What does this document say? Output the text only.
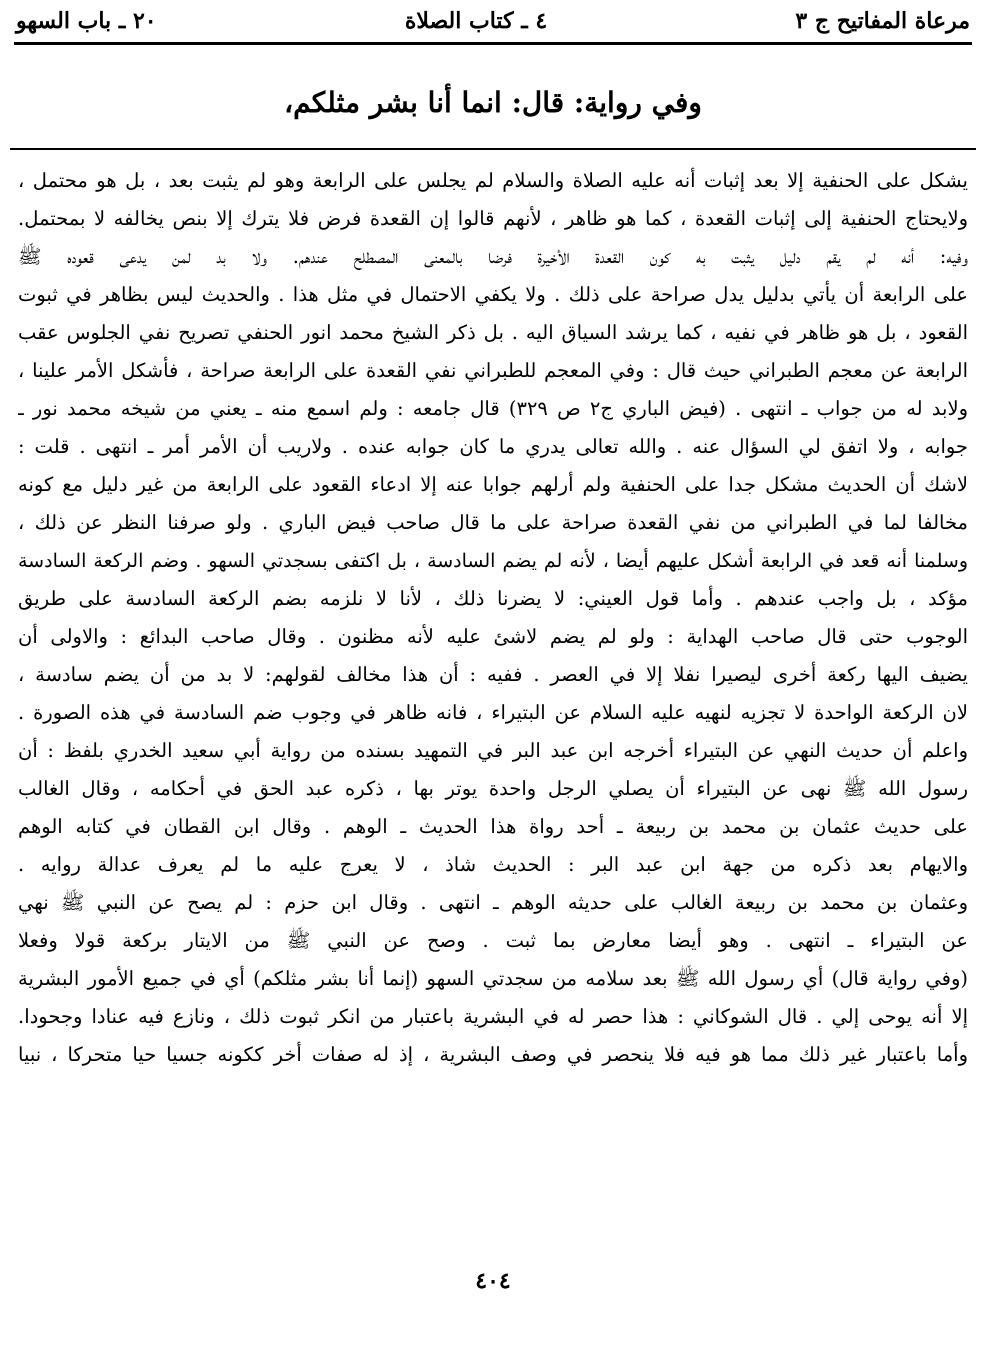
مرعاة المفاتيح ج ٣
٤ ـ كتاب الصلاة
٢٠ ـ باب السهو
وفي رواية: قال: انما أنا بشر مثلكم،
يشكل على الحنفية إلا بعد إثبات أنه عليه الصلاة والسلام لم يجلس على الرابعة وهو لم يثبت بعد ، بل هو محتمل ،
ولايحتاج الحنفية إلى إثبات القعدة ، كما هو ظاهر ، لأنهم قالوا إن القعدة فرض فلا يترك إلا بنص يخالفه لا بمحتمل.
وفيه: أنه لم يقم دليل يثبت به كون القعدة الأخيرة فرضا بالمعنى المصطلح عندهم. ولا بد لمن يدعى قعوده ﷺ
على الرابعة أن يأتي بدليل يدل صراحة على ذلك . ولا يكفي الاحتمال في مثل هذا . والحديث ليس بظاهر في ثبوت
القعود ، بل هو ظاهر في نفيه ، كما يرشد السياق اليه . بل ذكر الشيخ محمد انور الحنفي تصريح نفي الجلوس عقب
الرابعة عن معجم الطبراني حيث قال : وفي المعجم للطبراني نفي القعدة على الرابعة صراحة ، فأشكل الأمر علينا ،
ولابد له من جواب ـ انتهى . (فيض الباري ج٢ ص ٣٢٩) قال جامعه : ولم اسمع منه ـ يعني من شيخه محمد نور ـ
جوابه ، ولا اتفق لي السؤال عنه . والله تعالى يدري ما كان جوابه عنده . ولاريب أن الأمر أمر ـ انتهى . قلت :
لاشك أن الحديث مشكل جدا على الحنفية ولم أرلهم جوابا عنه إلا ادعاء القعود على الرابعة من غير دليل مع كونه
مخالفا لما في الطبراني من نفي القعدة صراحة على ما قال صاحب فيض الباري . ولو صرفنا النظر عن ذلك ،
وسلمنا أنه قعد في الرابعة أشكل عليهم أيضا ، لأنه لم يضم السادسة ، بل اكتفى بسجدتي السهو . وضم الركعة السادسة
مؤكد ، بل واجب عندهم . وأما قول العيني: لا يضرنا ذلك ، لأنا لا نلزمه بضم الركعة السادسة على طريق
الوجوب حتى قال صاحب الهداية : ولو لم يضم لاشئ عليه لأنه مظنون . وقال صاحب البدائع : والاولى أن
يضيف اليها ركعة أخرى ليصيرا نفلا إلا في العصر . ففيه : أن هذا مخالف لقولهم: لا بد من أن يضم سادسة ،
لان الركعة الواحدة لا تجزيه لنهيه عليه السلام عن البتيراء ، فانه ظاهر في وجوب ضم السادسة في هذه الصورة .
واعلم أن حديث النهي عن البتيراء أخرجه ابن عبد البر في التمهيد بسنده من رواية أبي سعيد الخدري بلفظ : أن
رسول الله ﷺ نهى عن البتيراء أن يصلي الرجل واحدة يوتر بها ، ذكره عبد الحق في أحكامه ، وقال الغالب
على حديث عثمان بن محمد بن ربيعة ـ أحد رواة هذا الحديث ـ الوهم . وقال ابن القطان في كتابه الوهم
والايهام بعد ذكره من جهة ابن عبد البر : الحديث شاذ ، لا يعرج عليه ما لم يعرف عدالة روايه .
وعثمان بن محمد بن ربيعة الغالب على حديثه الوهم ـ انتهى . وقال ابن حزم : لم يصح عن النبي ﷺ نهي
عن البتيراء ـ انتهى . وهو أيضا معارض بما ثبت . وصح عن النبي ﷺ من الايتار بركعة قولا وفعلا
(وفي رواية قال) أي رسول الله ﷺ بعد سلامه من سجدتي السهو (إنما أنا بشر مثلكم) أي في جميع الأمور البشرية
إلا أنه يوحى إلي . قال الشوكاني : هذا حصر له في البشرية باعتبار من انكر ثبوت ذلك ، ونازع فيه عنادا وجحودا.
وأما باعتبار غير ذلك مما هو فيه فلا ينحصر في وصف البشرية ، إذ له صفات أخر ككونه جسيا حيا متحركا ، نبيا
٤٠٤
